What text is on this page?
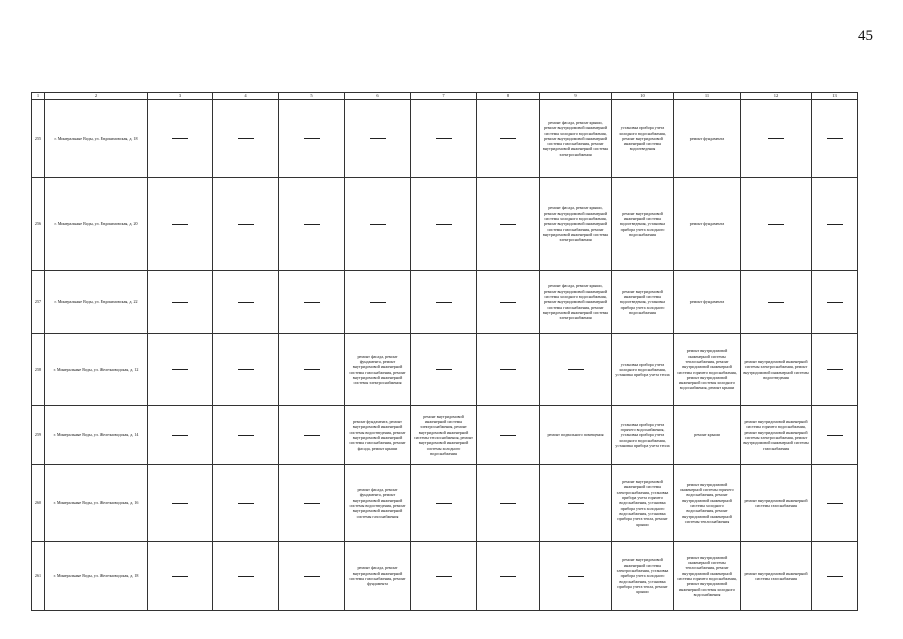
45
1	2	3	4	5	6	7	8	9	10	11	12	13
255	г. Минеральные Воды, ул. Евдокимовская, д. 18							ремонт фасада, ремонт крыши, ремонт внутридомовой инженерной системы холодного водоснабжения, ремонт внутридомовой инженерной системы газоснабжения, ремонт внутридомовой инженерной системы электроснабжения	установка прибора учета холодного водоснабжения, ремонт внутридомовой инженерной системы водоотведения	ремонт фундамента		
256	г. Минеральные Воды, ул. Евдокимовская, д. 20							ремонт фасада, ремонт крыши, ремонт внутридомовой инженерной системы холодного водоснабжения, ремонт внутридомовой инженерной системы газоснабжения, ремонт внутридомовой инженерной системы электроснабжения	ремонт внутридомовой инженерной системы водоотведения, установка прибора учета холодного водоснабжения	ремонт фундамента		
257	г. Минеральные Воды, ул. Евдокимовская, д. 22							ремонт фасада, ремонт крыши, ремонт внутридомовой инженерной системы холодного водоснабжения, ремонт внутридомовой инженерной системы газоснабжения, ремонт внутридомовой инженерной системы электроснабжения	ремонт внутридомовой инженерной системы водоотведения, установка прибора учета холодного водоснабжения	ремонт фундамента		
258	г. Минеральные Воды, ул. Железноводская, д. 12				ремонт фасада, ремонт фундамента, ремонт внутридомовой инженерной системы газоснабжения, ремонт внутридомовой инженерной системы электроснабжения				установка прибора учета холодного водоснабжения, установка прибора учета тепла	ремонт внутридомовой инженерной системы теплоснабжения, ремонт внутридомовой инженерной системы горячего водоснабжения, ремонт внутридомовой инженерной системы холодного водоснабжения, ремонт крыши	ремонт внутридомовой инженерной системы электроснабжения, ремонт внутридомовой инженерной системы водоотведения	
259	г. Минеральные Воды, ул. Железноводская, д. 14				ремонт фундамента, ремонт внутридомовой инженерной системы водоотведения, ремонт внутридомовой инженерной системы газоснабжения, ремонт фасада, ремонт крыши	ремонт внутридомовой инженерной системы электроснабжения, ремонт внутридомовой инженерной системы теплоснабжения, ремонт внутридомовой инженерной системы холодного водоснабжения		ремонт подвального помещения	установка прибора учета горячего водоснабжения, установка прибора учета холодного водоснабжения, установка прибора учета тепла	ремонт крыши	ремонт внутридомовой инженерной системы горячего водоснабжения, ремонт внутридомовой инженерной системы электроснабжения, ремонт внутридомовой инженерной системы газоснабжения	
260	г. Минеральные Воды, ул. Железноводская, д. 16				ремонт фасада, ремонт фундамента, ремонт внутридомовой инженерной системы водоотведения, ремонт внутридомовой инженерной системы газоснабжения				ремонт внутридомовой инженерной системы электроснабжения, установка прибора учета горячего водоснабжения, установка прибора учета холодного водоснабжения, установка прибора учета тепла, ремонт крыши	ремонт внутридомовой инженерной системы горячего водоснабжения, ремонт внутридомовой инженерной системы холодного водоснабжения, ремонт внутридомовой инженерной системы теплоснабжения	ремонт внутридомовой инженерной системы газоснабжения	
261	г. Минеральные Воды, ул. Железноводская, д. 18				ремонт фасада, ремонт внутридомовой инженерной системы газоснабжения, ремонт фундамента				ремонт внутридомовой инженерной системы электроснабжения, установка прибора учета холодного водоснабжения, установка прибора учета тепла, ремонт крыши	ремонт внутридомовой инженерной системы теплоснабжения, ремонт внутридомовой инженерной системы горячего водоснабжения, ремонт внутридомовой инженерной системы холодного водоснабжения	ремонт внутридомовой инженерной системы газоснабжения	
